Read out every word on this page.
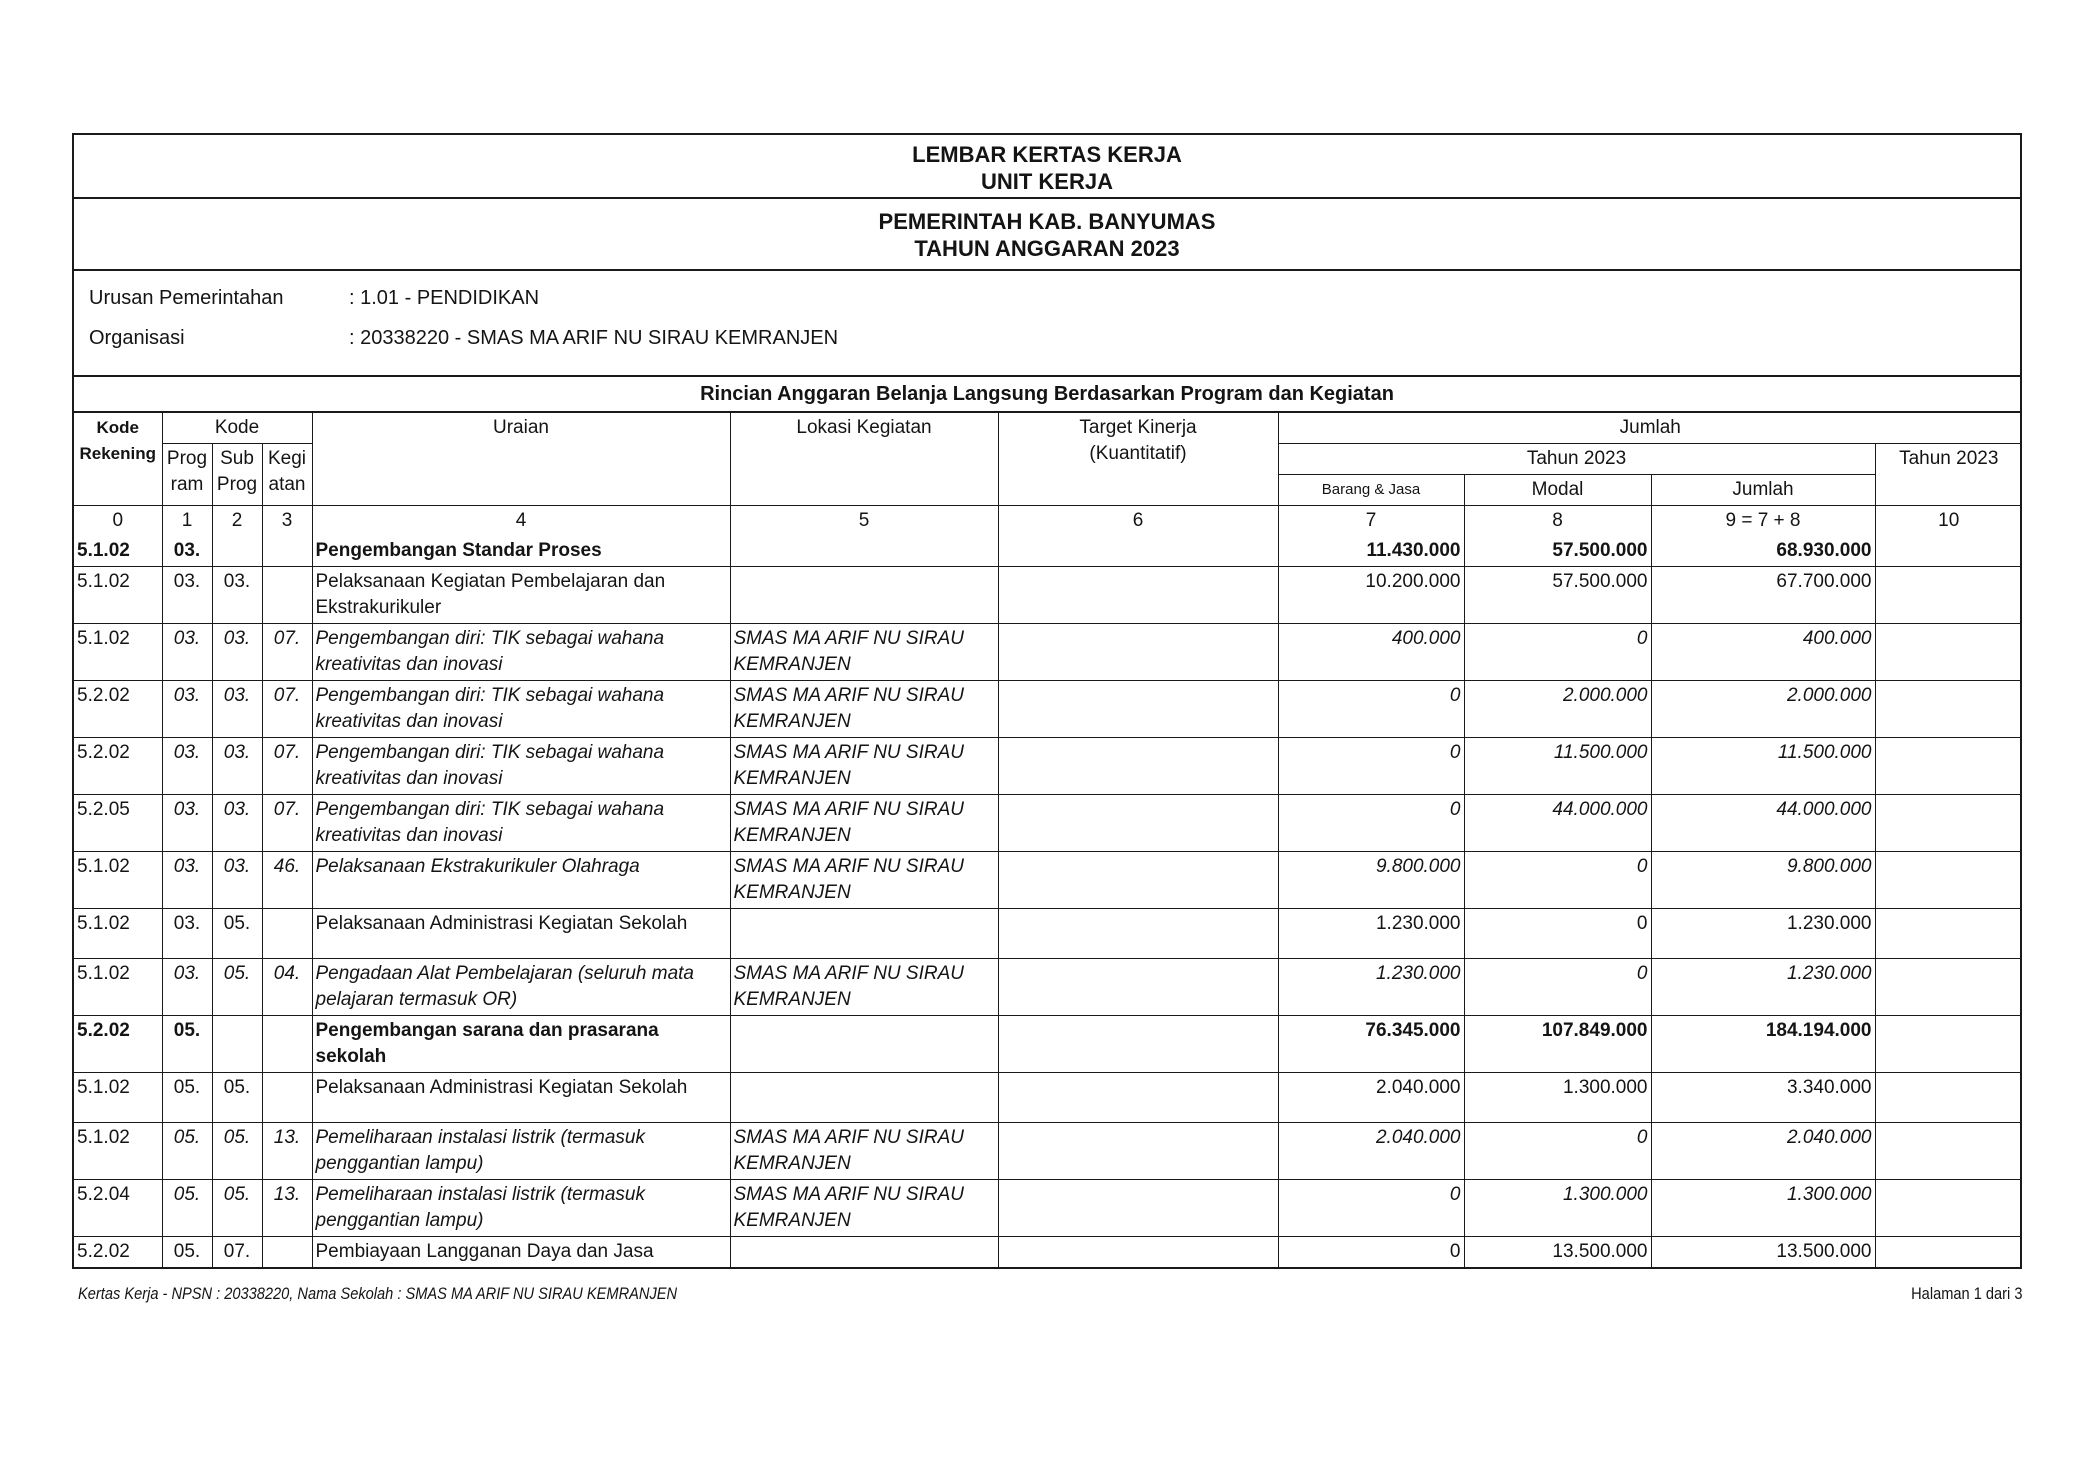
LEMBAR KERTAS KERJA
UNIT KERJA
PEMERINTAH KAB. BANYUMAS
TAHUN ANGGARAN 2023
Urusan Pemerintahan	: 1.01 - PENDIDIKAN
Organisasi	: 20338220 - SMAS MA ARIF NU SIRAU KEMRANJEN
Rincian Anggaran Belanja Langsung Berdasarkan Program dan Kegiatan
Kode Rekening	Kode			Uraian	Lokasi Kegiatan	Target Kinerja
(Kuantitatif)	Jumlah			
	Prog ram	Sub Prog	Kegi atan				Tahun 2023			Tahun 2023
							Barang & Jasa	Modal	Jumlah	
0	1	2	3	4	5	6	7	8	9 = 7 + 8	10
5.1.02	03.			Pengembangan Standar Proses			11.430.000	57.500.000	68.930.000	
5.1.02	03.	03.		Pelaksanaan Kegiatan Pembelajaran dan Ekstrakurikuler			10.200.000	57.500.000	67.700.000	
5.1.02	03.	03.	07.	Pengembangan diri: TIK sebagai wahana kreativitas dan inovasi	SMAS MA ARIF NU SIRAU KEMRANJEN		400.000	0	400.000	
5.2.02	03.	03.	07.	Pengembangan diri: TIK sebagai wahana kreativitas dan inovasi	SMAS MA ARIF NU SIRAU KEMRANJEN		0	2.000.000	2.000.000	
5.2.02	03.	03.	07.	Pengembangan diri: TIK sebagai wahana kreativitas dan inovasi	SMAS MA ARIF NU SIRAU KEMRANJEN		0	11.500.000	11.500.000	
5.2.05	03.	03.	07.	Pengembangan diri: TIK sebagai wahana kreativitas dan inovasi	SMAS MA ARIF NU SIRAU KEMRANJEN		0	44.000.000	44.000.000	
5.1.02	03.	03.	46.	Pelaksanaan Ekstrakurikuler Olahraga	SMAS MA ARIF NU SIRAU KEMRANJEN		9.800.000	0	9.800.000	
5.1.02	03.	05.		Pelaksanaan Administrasi Kegiatan Sekolah			1.230.000	0	1.230.000	
5.1.02	03.	05.	04.	Pengadaan Alat Pembelajaran (seluruh mata pelajaran termasuk OR)	SMAS MA ARIF NU SIRAU KEMRANJEN		1.230.000	0	1.230.000	
5.2.02	05.			Pengembangan sarana dan prasarana sekolah			76.345.000	107.849.000	184.194.000	
5.1.02	05.	05.		Pelaksanaan Administrasi Kegiatan Sekolah			2.040.000	1.300.000	3.340.000	
5.1.02	05.	05.	13.	Pemeliharaan instalasi listrik (termasuk penggantian lampu)	SMAS MA ARIF NU SIRAU KEMRANJEN		2.040.000	0	2.040.000	
5.2.04	05.	05.	13.	Pemeliharaan instalasi listrik (termasuk penggantian lampu)	SMAS MA ARIF NU SIRAU KEMRANJEN		0	1.300.000	1.300.000	
5.2.02	05.	07.		Pembiayaan Langganan Daya dan Jasa			0	13.500.000	13.500.000	
Kertas Kerja - NPSN : 20338220, Nama Sekolah : SMAS MA ARIF NU SIRAU KEMRANJEN	Halaman 1 dari 3
